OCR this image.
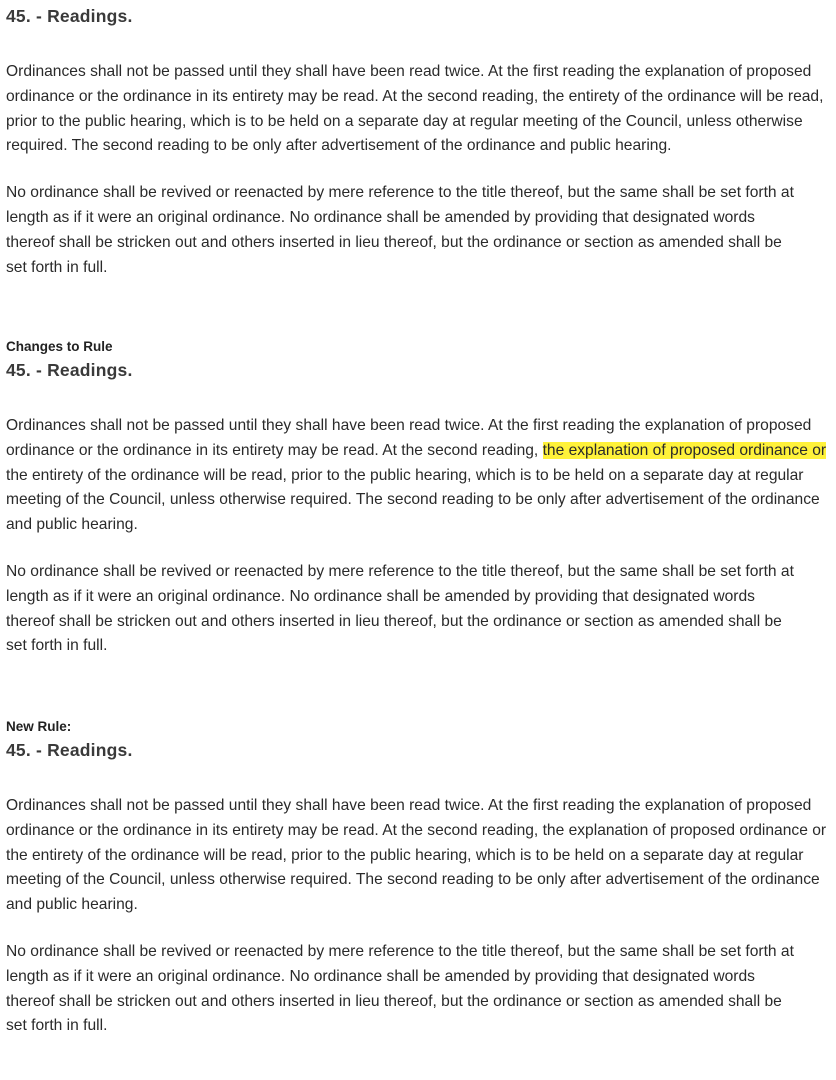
45. - Readings.

Ordinances shall not be passed until they shall have been read twice. At the first reading the explanation of proposed ordinance or the ordinance in its entirety may be read. At the second reading, the entirety of the ordinance will be read, prior to the public hearing, which is to be held on a separate day at regular meeting of the Council, unless otherwise required. The second reading to be only after advertisement of the ordinance and public hearing.

No ordinance shall be revived or reenacted by mere reference to the title thereof, but the same shall be set forth at length as if it were an original ordinance. No ordinance shall be amended by providing that designated words thereof shall be stricken out and others inserted in lieu thereof, but the ordinance or section as amended shall be set forth in full.

Changes to Rule
45. - Readings.

Ordinances shall not be passed until they shall have been read twice. At the first reading the explanation of proposed ordinance or the ordinance in its entirety may be read. At the second reading, the explanation of proposed ordinance or the entirety of the ordinance will be read, prior to the public hearing, which is to be held on a separate day at regular meeting of the Council, unless otherwise required. The second reading to be only after advertisement of the ordinance and public hearing.

No ordinance shall be revived or reenacted by mere reference to the title thereof, but the same shall be set forth at length as if it were an original ordinance. No ordinance shall be amended by providing that designated words thereof shall be stricken out and others inserted in lieu thereof, but the ordinance or section as amended shall be set forth in full.

New Rule:
45. - Readings.

Ordinances shall not be passed until they shall have been read twice. At the first reading the explanation of proposed ordinance or the ordinance in its entirety may be read. At the second reading, the explanation of proposed ordinance or the entirety of the ordinance will be read, prior to the public hearing, which is to be held on a separate day at regular meeting of the Council, unless otherwise required. The second reading to be only after advertisement of the ordinance and public hearing.

No ordinance shall be revived or reenacted by mere reference to the title thereof, but the same shall be set forth at length as if it were an original ordinance. No ordinance shall be amended by providing that designated words thereof shall be stricken out and others inserted in lieu thereof, but the ordinance or section as amended shall be set forth in full.
